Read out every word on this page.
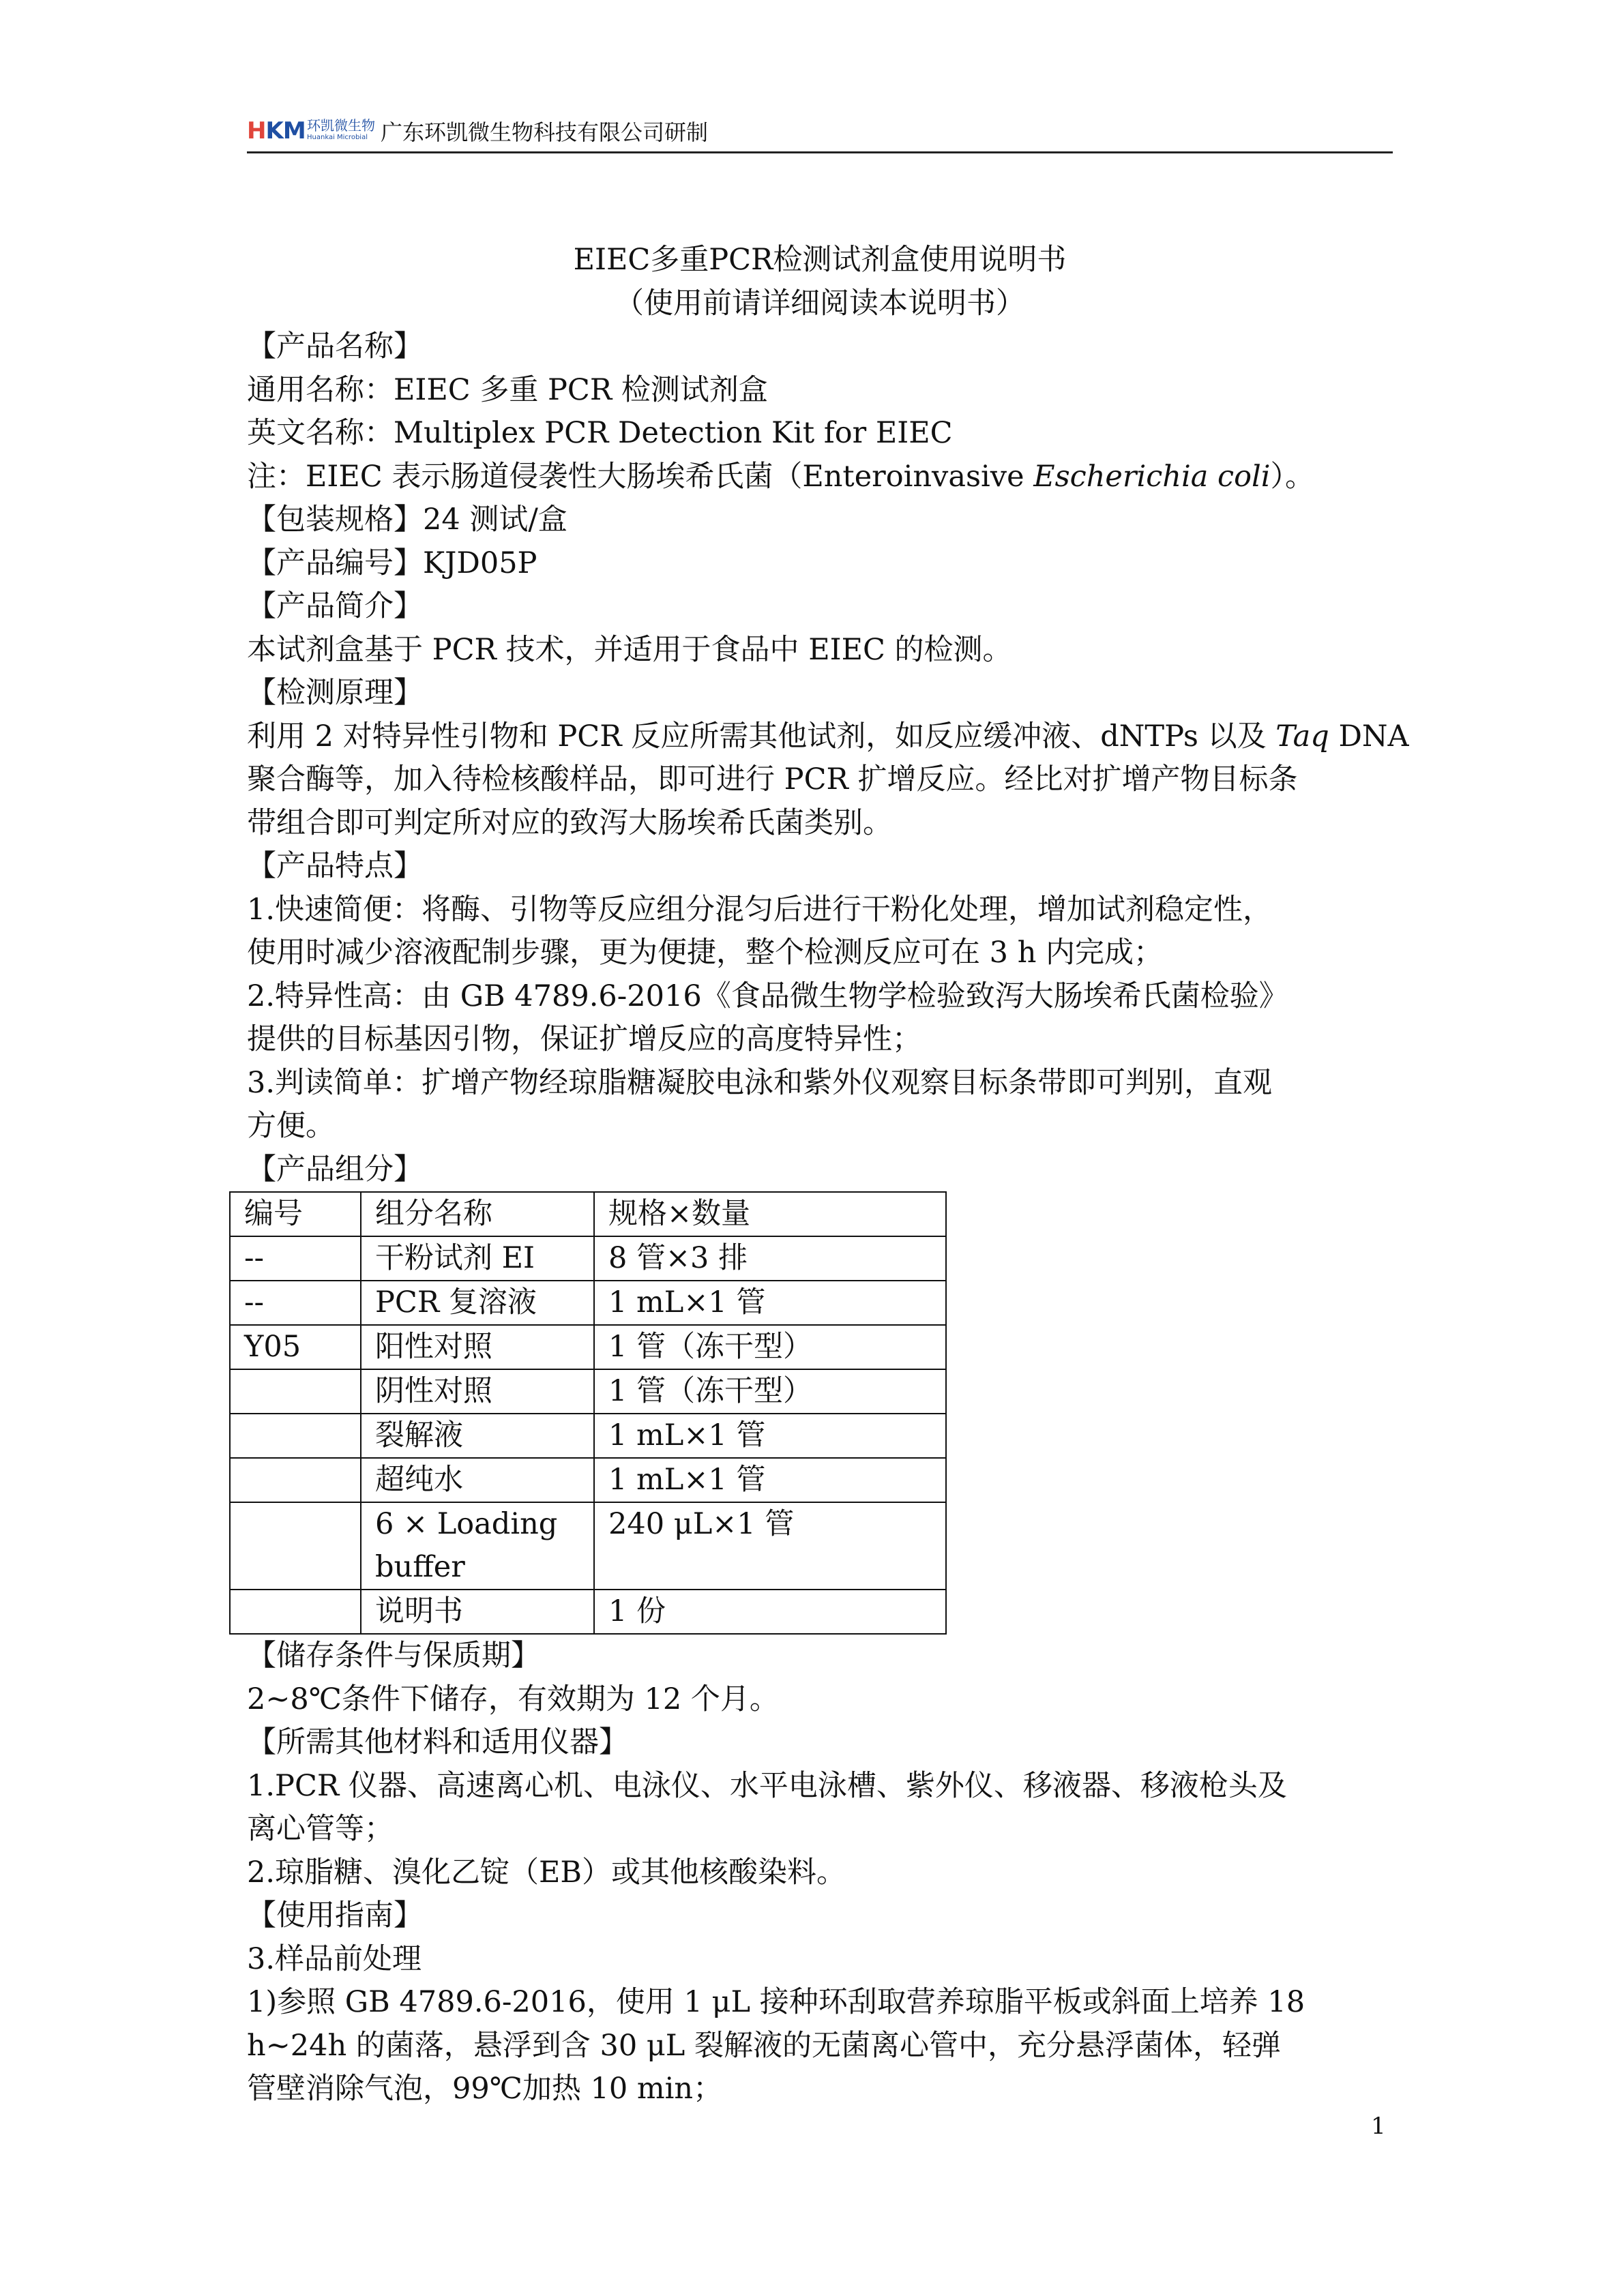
HKM 环凯微生物
Huankai Microbial 广东环凯微生物科技有限公司研制
EIEC多重PCR检测试剂盒使用说明书
（使用前请详细阅读本说明书）
【产品名称】
通用名称：EIEC 多重 PCR 检测试剂盒
英文名称：Multiplex PCR Detection Kit for EIEC
注：EIEC 表示肠道侵袭性大肠埃希氏菌（Enteroinvasive Escherichia coli）。
【包装规格】24 测试/盒
【产品编号】KJD05P
【产品简介】
本试剂盒基于 PCR 技术，并适用于食品中 EIEC 的检测。
【检测原理】
利用 2 对特异性引物和 PCR 反应所需其他试剂，如反应缓冲液、dNTPs 以及 Taq DNA
聚合酶等，加入待检核酸样品，即可进行 PCR 扩增反应。经比对扩增产物目标条
带组合即可判定所对应的致泻大肠埃希氏菌类别。
【产品特点】
1.快速简便：将酶、引物等反应组分混匀后进行干粉化处理，增加试剂稳定性，
使用时减少溶液配制步骤，更为便捷，整个检测反应可在 3 h 内完成；
2.特异性高：由 GB 4789.6-2016《食品微生物学检验致泻大肠埃希氏菌检验》
提供的目标基因引物，保证扩增反应的高度特异性；
3.判读简单：扩增产物经琼脂糖凝胶电泳和紫外仪观察目标条带即可判别，直观
方便。
【产品组分】
编号	组分名称	规格×数量
--	干粉试剂 EI	8 管×3 排
--	PCR 复溶液	1 mL×1 管
Y05	阳性对照	1 管（冻干型）
	阴性对照	1 管（冻干型）
	裂解液	1 mL×1 管
	超纯水	1 mL×1 管
	6 × Loading buffer	240 μL×1 管
	说明书	1 份
【储存条件与保质期】
2~8℃条件下储存，有效期为 12 个月。
【所需其他材料和适用仪器】
1.PCR 仪器、高速离心机、电泳仪、水平电泳槽、紫外仪、移液器、移液枪头及
离心管等；
2.琼脂糖、溴化乙锭（EB）或其他核酸染料。
【使用指南】
3.样品前处理
1)参照 GB 4789.6-2016，使用 1 μL 接种环刮取营养琼脂平板或斜面上培养 18
h~24h 的菌落，悬浮到含 30 μL 裂解液的无菌离心管中，充分悬浮菌体，轻弹
管壁消除气泡，99℃加热 10 min；
1
